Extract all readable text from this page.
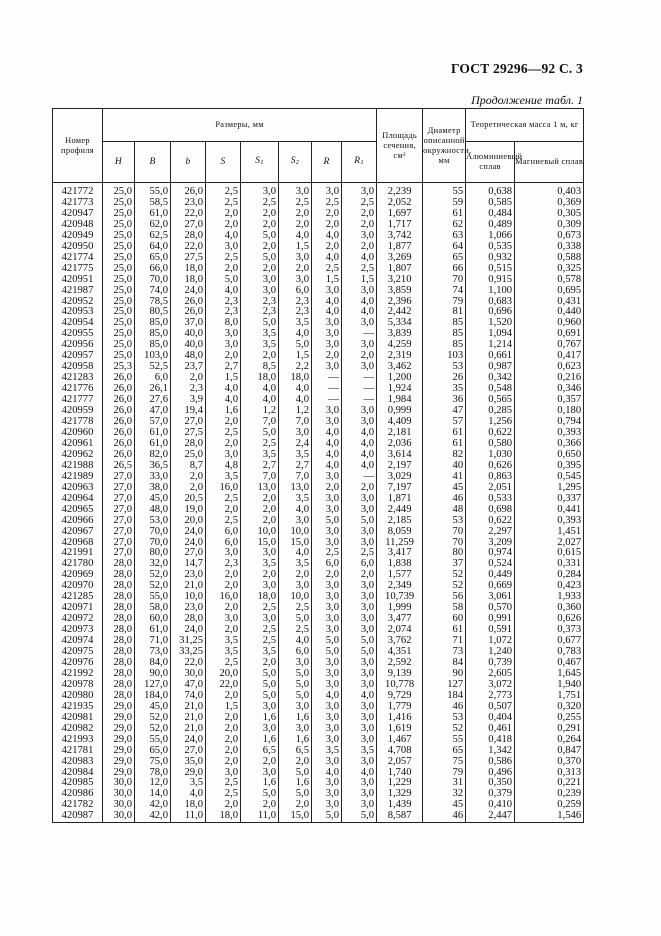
ГОСТ 29296—92 С. 3
Продолжение табл. 1
Номер профиля	Размеры, мм								Площадь сечения, см²	Диаметр описанной окружности, мм	Теоретическая масса 1 м, кг	
	H	B	b	S	$S_1$	$S_2$	R	$R_1$			Алюминиевый сплав	Магниевый сплав
421772	25,0	55,0	26,0	2,5	3,0	3,0	3,0	3,0	2,239	55	0,638	0,403
421773	25,0	58,5	23,0	2,5	2,5	2,5	2,5	2,5	2,052	59	0,585	0,369
420947	25,0	61,0	22,0	2,0	2,0	2,0	2,0	2,0	1,697	61	0,484	0,305
420948	25,0	62,0	27,0	2,0	2,0	2,0	2,0	2,0	1,717	62	0,489	0,309
420949	25,0	62,5	28,0	4,0	5,0	4,0	4,0	3,0	3,742	63	1,066	0,673
420950	25,0	64,0	22,0	3,0	2,0	1,5	2,0	2,0	1,877	64	0,535	0,338
421774	25,0	65,0	27,5	2,5	5,0	3,0	4,0	4,0	3,269	65	0,932	0,588
421775	25,0	66,0	18,0	2,0	2,0	2,0	2,5	2,5	1,807	66	0,515	0,325
420951	25,0	70,0	18,0	5,0	3,0	3,0	1,5	1,5	3,210	70	0,915	0,578
421987	25,0	74,0	24,0	4,0	3,0	6,0	3,0	3,0	3,859	74	1,100	0,695
420952	25,0	78,5	26,0	2,3	2,3	2,3	4,0	4,0	2,396	79	0,683	0,431
420953	25,0	80,5	26,0	2,3	2,3	2,3	4,0	4,0	2,442	81	0,696	0,440
420954	25,0	85,0	37,0	8,0	5,0	3,5	3,0	3,0	5,334	85	1,520	0,960
420955	25,0	85,0	40,0	3,0	3,5	4,0	3,0	—	3,839	85	1,094	0,691
420956	25,0	85,0	40,0	3,0	3,5	5,0	3,0	3,0	4,259	85	1,214	0,767
420957	25,0	103,0	48,0	2,0	2,0	1,5	2,0	2,0	2,319	103	0,661	0,417
420958	25,3	52,5	23,7	2,7	8,5	2,2	3,0	3,0	3,462	53	0,987	0,623
421283	26,0	6,0	2,0	1,5	18,0	18,0	—	—	1,200	26	0,342	0,216
421776	26,0	26,1	2,3	4,0	4,0	4,0	—	—	1,924	35	0,548	0,346
421777	26,0	27,6	3,9	4,0	4,0	4,0	—	—	1,984	36	0,565	0,357
420959	26,0	47,0	19,4	1,6	1,2	1,2	3,0	3,0	0,999	47	0,285	0,180
421778	26,0	57,0	27,0	2,0	7,0	7,0	3,0	3,0	4,409	57	1,256	0,794
420960	26,0	61,0	27,5	2,5	5,0	3,0	4,0	4,0	2,181	61	0,622	0,393
420961	26,0	61,0	28,0	2,0	2,5	2,4	4,0	4,0	2,036	61	0,580	0,366
420962	26,0	82,0	25,0	3,0	3,5	3,5	4,0	4,0	3,614	82	1,030	0,650
421988	26,5	36,5	8,7	4,8	2,7	2,7	4,0	4,0	2,197	40	0,626	0,395
421989	27,0	33,0	2,0	3,5	7,0	7,0	3,0	—	3,029	41	0,863	0,545
420963	27,0	38,0	2,0	16,0	13,0	13,0	2,0	2,0	7,197	45	2,051	1,295
420964	27,0	45,0	20,5	2,5	2,0	3,5	3,0	3,0	1,871	46	0,533	0,337
420965	27,0	48,0	19,0	2,0	2,0	4,0	3,0	3,0	2,449	48	0,698	0,441
420966	27,0	53,0	20,0	2,5	2,0	3,0	5,0	5,0	2,185	53	0,622	0,393
420967	27,0	70,0	24,0	6,0	10,0	10,0	3,0	3,0	8,059	70	2,297	1,451
420968	27,0	70,0	24,0	6,0	15,0	15,0	3,0	3,0	11,259	70	3,209	2,027
421991	27,0	80,0	27,0	3,0	3,0	4,0	2,5	2,5	3,417	80	0,974	0,615
421780	28,0	32,0	14,7	2,3	3,5	3,5	6,0	6,0	1,838	37	0,524	0,331
420969	28,0	52,0	23,0	2,0	2,0	2,0	2,0	2,0	1,577	52	0,449	0,284
420970	28,0	52,0	21,0	2,0	3,0	3,0	3,0	3,0	2,349	52	0,669	0,423
421285	28,0	55,0	10,0	16,0	18,0	10,0	3,0	3,0	10,739	56	3,061	1,933
420971	28,0	58,0	23,0	2,0	2,5	2,5	3,0	3,0	1,999	58	0,570	0,360
420972	28,0	60,0	28,0	3,0	3,0	5,0	3,0	3,0	3,477	60	0,991	0,626
420973	28,0	61,0	24,0	2,0	2,5	2,5	3,0	3,0	2,074	61	0,591	0,373
420974	28,0	71,0	31,25	3,5	2,5	4,0	5,0	5,0	3,762	71	1,072	0,677
420975	28,0	73,0	33,25	3,5	3,5	6,0	5,0	5,0	4,351	73	1,240	0,783
420976	28,0	84,0	22,0	2,5	2,0	3,0	3,0	3,0	2,592	84	0,739	0,467
421992	28,0	90,0	30,0	20,0	5,0	5,0	3,0	3,0	9,139	90	2,605	1,645
420978	28,0	127,0	47,0	22,0	5,0	5,0	3,0	3,0	10,778	127	3,072	1,940
420980	28,0	184,0	74,0	2,0	5,0	5,0	4,0	4,0	9,729	184	2,773	1,751
421935	29,0	45,0	21,0	1,5	3,0	3,0	3,0	3,0	1,779	46	0,507	0,320
420981	29,0	52,0	21,0	2,0	1,6	1,6	3,0	3,0	1,416	53	0,404	0,255
420982	29,0	52,0	21,0	2,0	3,0	3,0	3,0	3,0	1,619	52	0,461	0,291
421993	29,0	55,0	24,0	2,0	1,6	1,6	3,0	3,0	1,467	55	0,418	0,264
421781	29,0	65,0	27,0	2,0	6,5	6,5	3,5	3,5	4,708	65	1,342	0,847
420983	29,0	75,0	35,0	2,0	2,0	2,0	3,0	3,0	2,057	75	0,586	0,370
420984	29,0	78,0	29,0	3,0	3,0	5,0	4,0	4,0	1,740	79	0,496	0,313
420985	30,0	12,0	3,5	2,5	1,6	1,6	3,0	3,0	1,229	31	0,350	0,221
420986	30,0	14,0	4,0	2,5	5,0	5,0	3,0	3,0	1,329	32	0,379	0,239
421782	30,0	42,0	18,0	2,0	2,0	2,0	3,0	3,0	1,439	45	0,410	0,259
420987	30,0	42,0	11,0	18,0	11,0	15,0	5,0	5,0	8,587	46	2,447	1,546
